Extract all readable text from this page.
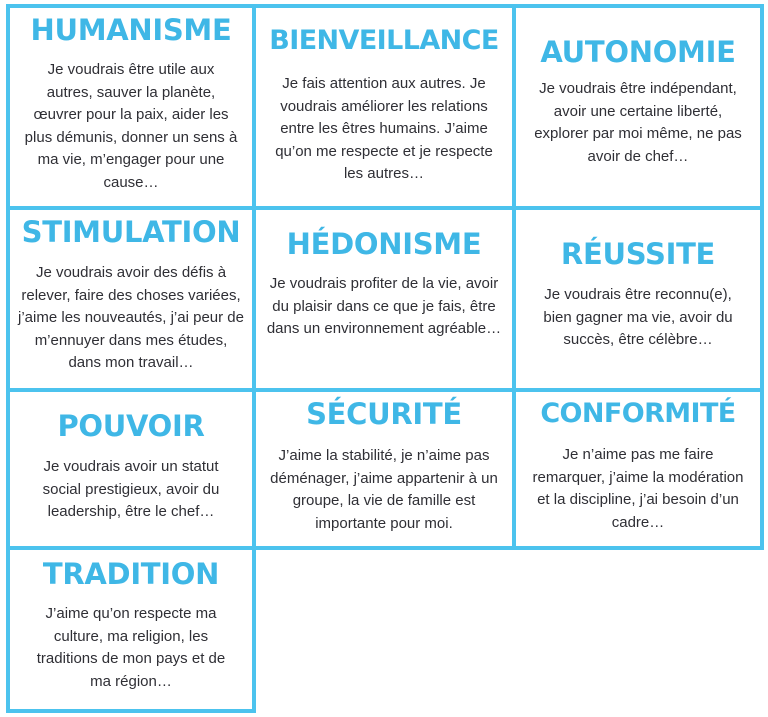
HUMANISME

Je voudrais être utile aux autres, sauver la planète, œuvrer pour la paix, aider les plus démunis, donner un sens à ma vie, m’engager pour une cause…

BIENVEILLANCE

Je fais attention aux autres. Je voudrais améliorer les relations entre les êtres humains. J’aime qu’on me respecte et je respecte les autres…

AUTONOMIE

Je voudrais être indépendant, avoir une certaine liberté, explorer par moi même, ne pas avoir de chef…

STIMULATION

Je voudrais avoir des défis à relever, faire des choses variées, j’aime les nouveautés, j’ai peur de m’ennuyer dans mes études, dans mon travail…

HÉDONISME

Je voudrais profiter de la vie, avoir du plaisir dans ce que je fais, être dans un environnement agréable…

RÉUSSITE

Je voudrais être reconnu(e), bien gagner ma vie, avoir du succès, être célèbre…

POUVOIR

Je voudrais avoir un statut social prestigieux, avoir du leadership, être le chef…

SÉCURITÉ

J’aime la stabilité, je n’aime pas déménager, j’aime appartenir à un groupe, la vie de famille est importante pour moi.

CONFORMITÉ

Je n’aime pas me faire remarquer, j’aime la modération et la discipline, j’ai besoin d’un cadre…

TRADITION

J’aime qu’on respecte ma culture, ma religion, les traditions de mon pays et de ma région…
